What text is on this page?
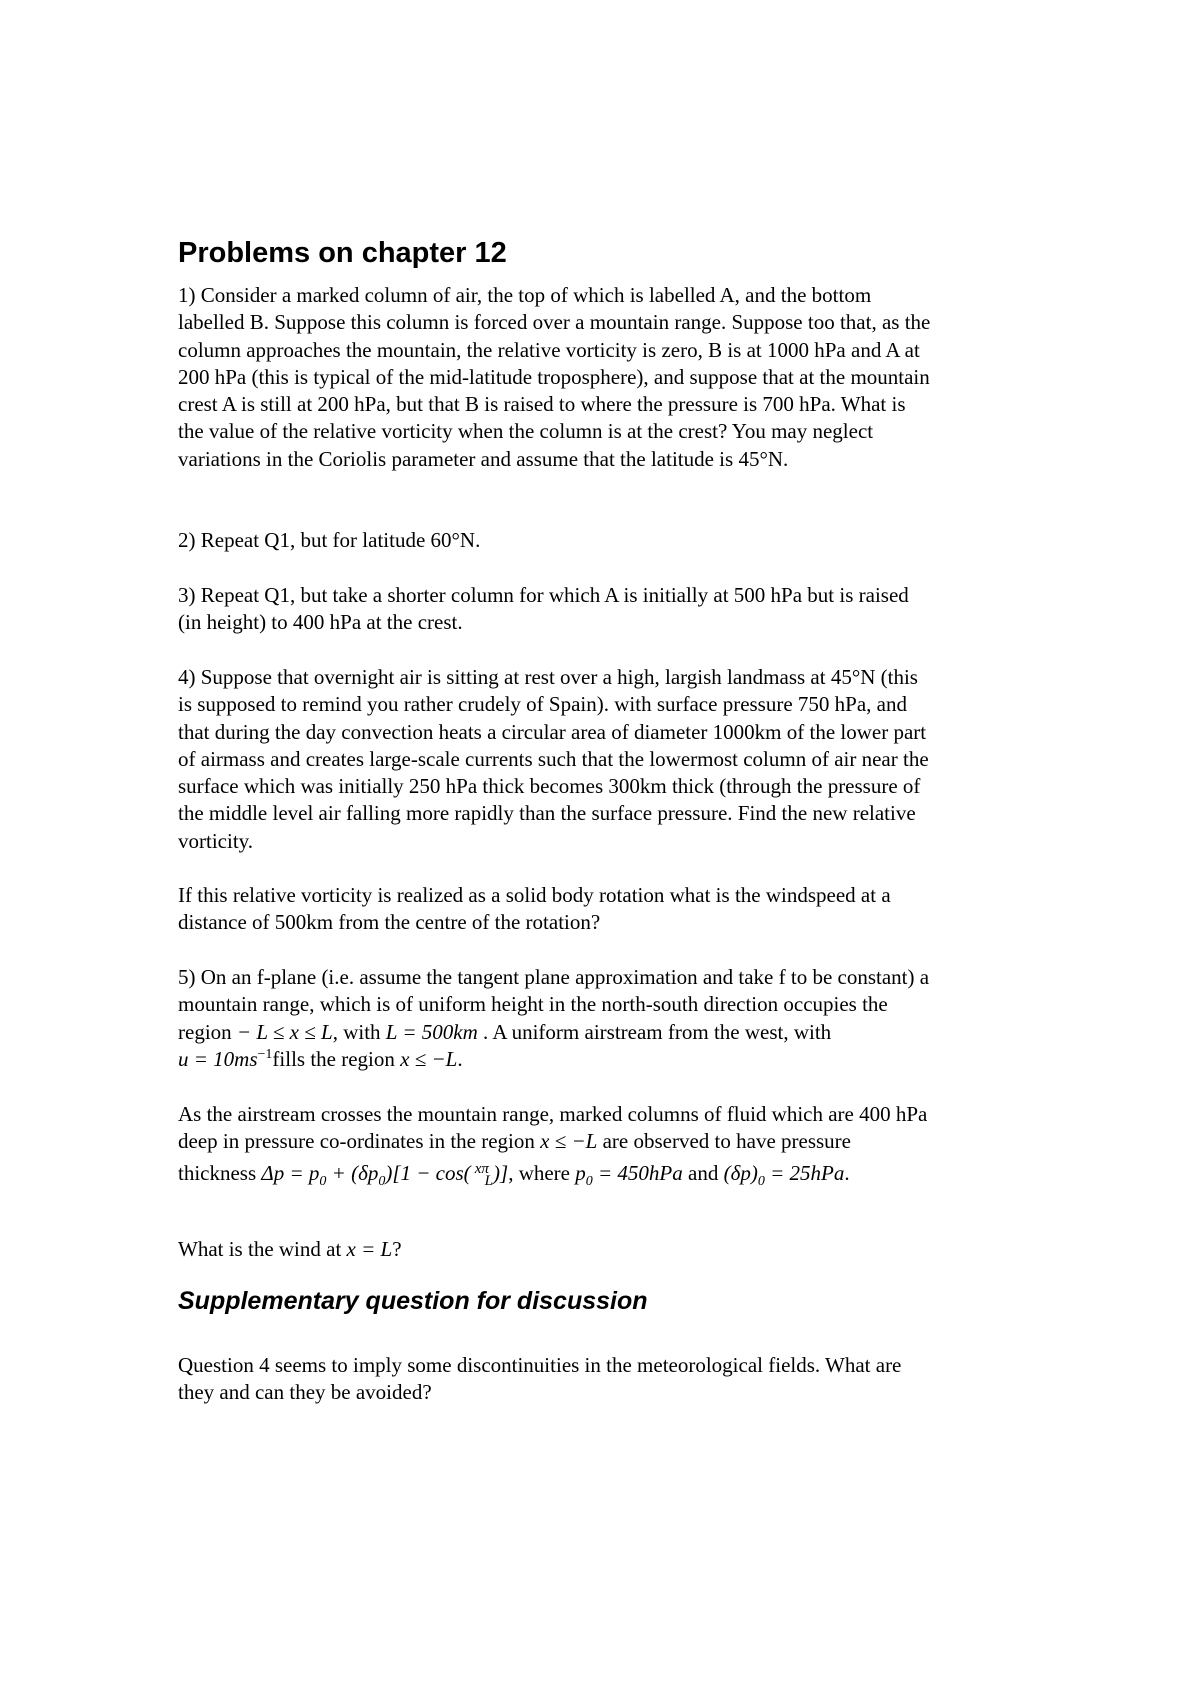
Problems on chapter 12
1) Consider a marked column of air, the top of which is labelled A, and the bottom
labelled B. Suppose this column is forced over a mountain range. Suppose too that, as the
column approaches the mountain, the relative vorticity is zero, B is at 1000 hPa and A at
200 hPa (this is typical of the mid-latitude troposphere), and suppose that at the mountain
crest A is still at 200 hPa, but that B is raised to where the pressure is 700 hPa. What is
the value of the relative vorticity when the column is at the crest? You may neglect
variations in the Coriolis parameter and assume that the latitude is 45°N.
2) Repeat Q1, but for latitude 60°N.
3) Repeat Q1, but take a shorter column for which A is initially at 500 hPa but is raised
(in height) to 400 hPa at the crest.
4) Suppose that overnight air is sitting at rest over a high, largish landmass at 45°N (this
is supposed to remind you rather crudely of Spain). with surface pressure 750 hPa, and
that during the day convection heats a circular area of diameter 1000km of the lower part
of airmass and creates large-scale currents such that the lowermost column of air near the
surface which was initially 250 hPa thick becomes 300km thick (through the pressure of
the middle level air falling more rapidly than the surface pressure. Find the new relative
vorticity.
If this relative vorticity is realized as a solid body rotation what is the windspeed at a
distance of 500km from the centre of the rotation?
5) On an f-plane (i.e. assume the tangent plane approximation and take f to be constant) a
mountain range, which is of uniform height in the north-south direction occupies the
region − L ≤ x ≤ L, with L = 500km . A uniform airstream from the west, with
$u = 10ms^{-1}fills$ the region x ≤ −L.
As the airstream crosses the mountain range, marked columns of fluid which are 400 hPa
deep in pressure co-ordinates in the region x ≤ −L are observed to have pressure
thickness $\Delta p = p_0 + (\delta p_0)[1 - \cos$( xπ
L )], where $p_0 = 450hPa$ and $(\delta p)_0 = 25hPa$.
What is the wind at x = L?
Supplementary question for discussion
Question 4 seems to imply some discontinuities in the meteorological fields. What are
they and can they be avoided?
